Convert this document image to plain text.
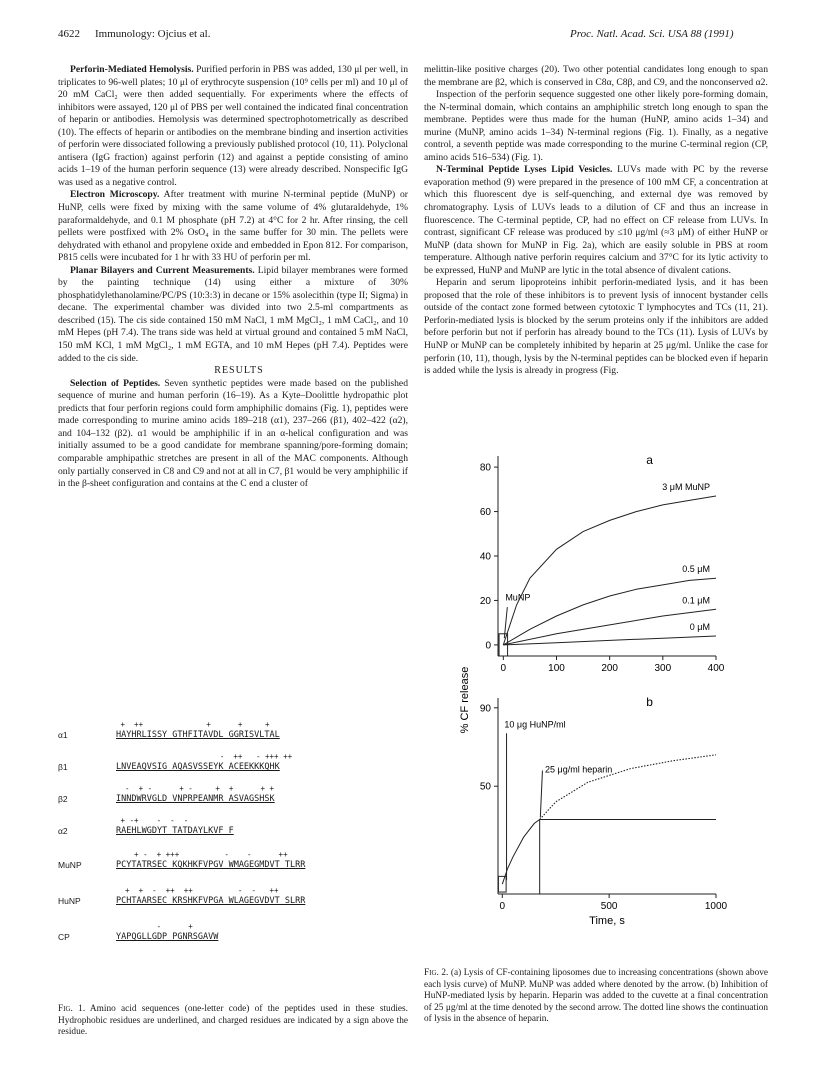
4622 Immunology: Ojcius et al.	Proc. Natl. Acad. Sci. USA 88 (1991)

Perforin-Mediated Hemolysis. Purified perforin in PBS was added, 130 μl per well, in triplicates to 96-well plates; 10 μl of erythrocyte suspension (10⁹ cells per ml) and 10 μl of 20 mM CaCl₂ were then added sequentially. For experiments where the effects of inhibitors were assayed, 120 μl of PBS per well contained the indicated final concentration of heparin or antibodies. Hemolysis was determined spectrophotometrically as described (10). The effects of heparin or antibodies on the membrane binding and insertion activities of perforin were dissociated following a previously published protocol (10, 11). Polyclonal antisera (IgG fraction) against perforin (12) and against a peptide consisting of amino acids 1–19 of the human perforin sequence (13) were already described. Nonspecific IgG was used as a negative control.

Electron Microscopy. After treatment with murine N-terminal peptide (MuNP) or HuNP, cells were fixed by mixing with the same volume of 4% glutaraldehyde, 1% paraformaldehyde, and 0.1 M phosphate (pH 7.2) at 4°C for 2 hr. After rinsing, the cell pellets were postfixed with 2% OsO₄ in the same buffer for 30 min. The pellets were dehydrated with ethanol and propylene oxide and embedded in Epon 812. For comparison, P815 cells were incubated for 1 hr with 33 HU of perforin per ml.

Planar Bilayers and Current Measurements. Lipid bilayer membranes were formed by the painting technique (14) using either a mixture of 30% phosphatidylethanolamine/PC/PS (10:3:3) in decane or 15% asolecithin (type II; Sigma) in decane. The experimental chamber was divided into two 2.5-ml compartments as described (15). The cis side contained 150 mM NaCl, 1 mM MgCl₂, 1 mM CaCl₂, and 10 mM Hepes (pH 7.4). The trans side was held at virtual ground and contained 5 mM NaCl, 150 mM KCl, 1 mM MgCl₂, 1 mM EGTA, and 10 mM Hepes (pH 7.4). Peptides were added to the cis side.

RESULTS

Selection of Peptides. Seven synthetic peptides were made based on the published sequence of murine and human perforin (16–19). As a Kyte–Doolittle hydropathic plot predicts that four perforin regions could form amphiphilic domains (Fig. 1), peptides were made corresponding to murine amino acids 189–218 (α1), 237–266 (β1), 402–422 (α2), and 104–132 (β2). α1 would be amphiphilic if in an α-helical configuration and was initially assumed to be a good candidate for membrane spanning/pore-forming domain; comparable amphipathic stretches are present in all of the MAC components. Although only partially conserved in C8 and C9 and not at all in C7, β1 would be very amphiphilic if in the β-sheet configuration and contains at the C end a cluster of

α1
+  ++              +      +     +
HAYHRLISSY GTHFITAVDL GGRISVLTAL
β1
-  ++   - +++ ++
LNVEAQVSIG AQASVSSEYK ACEEKKKQHK
β2
-  + -      + -     +  +      + +
INNDWRVGLD VNPRPEANMR ASVAGSHSK
α2
+ -+    -  -  -
RAEHLWGDYT TATDAYLKVF F
MuNP
+ -  + +++          -    -      ++
PCYTATRSEC KQKHKFVPGV WMAGEGMDVT TLRR
HuNP
+  +  -  ++  ++          -  -   ++
PCHTAARSEC KRSHKFVPGA WLAGEGVDVT SLRR
CP
-      +
YAPQGLLGDP PGNRSGAVW
Fig. 1. Amino acid sequences (one-letter code) of the peptides used in these studies. Hydrophobic residues are underlined, and charged residues are indicated by a sign above the residue.

melittin-like positive charges (20). Two other potential candidates long enough to span the membrane are β2, which is conserved in C8α, C8β, and C9, and the nonconserved α2.

Inspection of the perforin sequence suggested one other likely pore-forming domain, the N-terminal domain, which contains an amphiphilic stretch long enough to span the membrane. Peptides were thus made for the human (HuNP, amino acids 1–34) and murine (MuNP, amino acids 1–34) N-terminal regions (Fig. 1). Finally, as a negative control, a seventh peptide was made corresponding to the murine C-terminal region (CP, amino acids 516–534) (Fig. 1).

N-Terminal Peptide Lyses Lipid Vesicles. LUVs made with PC by the reverse evaporation method (9) were prepared in the presence of 100 mM CF, a concentration at which this fluorescent dye is self-quenching, and external dye was removed by chromatography. Lysis of LUVs leads to a dilution of CF and thus an increase in fluorescence. The C-terminal peptide, CP, had no effect on CF release from LUVs. In contrast, significant CF release was produced by ≤10 μg/ml (≈3 μM) of either HuNP or MuNP (data shown for MuNP in Fig. 2a), which are easily soluble in PBS at room temperature. Although native perforin requires calcium and 37°C for its lytic activity to be expressed, HuNP and MuNP are lytic in the total absence of divalent cations.

Heparin and serum lipoproteins inhibit perforin-mediated lysis, and it has been proposed that the role of these inhibitors is to prevent lysis of innocent bystander cells outside of the contact zone formed between cytotoxic T lymphocytes and TCs (11, 21). Perforin-mediated lysis is blocked by the serum proteins only if the inhibitors are added before perforin but not if perforin has already bound to the TCs (11). Lysis of LUVs by HuNP or MuNP can be completely inhibited by heparin at 25 μg/ml. Unlike the case for perforin (10, 11), though, lysis by the N-terminal peptides can be blocked even if heparin is added while the lysis is already in progress (Fig.

0	100	200	300	400
0
20
40
60
80
a
3 μM MuNP
0.5 μM
0.1 μM
0 μM
MuNP
% CF release
0	500	1000
50
90	b
Time, s
10 μg HuNP/ml
25 μg/ml heparin
Fig. 2. (a) Lysis of CF-containing liposomes due to increasing concentrations (shown above each lysis curve) of MuNP. MuNP was added where denoted by the arrow. (b) Inhibition of HuNP-mediated lysis by heparin. Heparin was added to the cuvette at a final concentration of 25 μg/ml at the time denoted by the second arrow. The dotted line shows the continuation of lysis in the absence of heparin.
